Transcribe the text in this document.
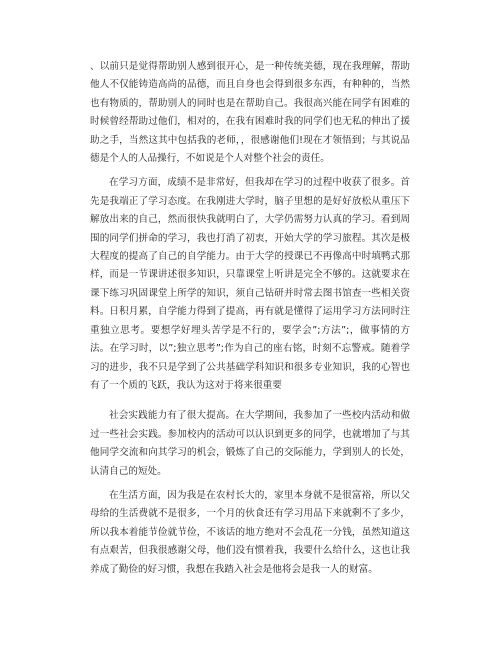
、以前只是觉得帮助别人感到很开心，是一种传统美德，现在我理解，帮助他人不仅能铸造高尚的品德，而且自身也会得到很多东西，有种种的，当然也有物质的，帮助别人的同时也是在帮助自己。我很高兴能在同学有困难的时候曾经帮助过他们，相对的，在我有困难时我的同学们也无私的伸出了援助之手，当然这其中包括我的老师，，很感谢他们!现在才领悟到；与其说品德是个人的人品操行，不如说是个人对整个社会的责任。

在学习方面，成绩不是非常好，但我却在学习的过程中收获了很多。首先是我端正了学习态度。在我刚进大学时，脑子里想的是好好放松从重压下解放出来的自己，然而很快我就明白了，大学仍需努力认真的学习。看到周围的同学们拼命的学习，我也打消了初衷，开始大学的学习旅程。其次是极大程度的提高了自己的自学能力。由于大学的授课已不再像高中时填鸭式那样，而是一节课讲述很多知识，只靠课堂上听讲是完全不够的。这就要求在课下练习巩固课堂上所学的知识，须自己钻研并时常去图书馆查一些相关资料。日积月累，自学能力得到了提高，再有就是懂得了运用学习方法同时注重独立思考。要想学好埋头苦学是不行的，要学会”;方法”;，做事情的方法。在学习时，以”;独立思考”;作为自己的座右铭，时刻不忘警戒。随着学习的进步，我不只是学到了公共基础学科知识和很多专业知识，我的心智也有了一个质的飞跃，我认为这对于将来很重要

社会实践能力有了很大提高。在大学期间，我参加了一些校内活动和做过一些社会实践。参加校内的活动可以认识到更多的同学，也就增加了与其他同学交流和向其学习的机会，锻炼了自己的交际能力，学到别人的长处，认清自己的短处。

在生活方面，因为我是在农村长大的，家里本身就不是很富裕，所以父母给的生活费就不是很多，一个月的伙食还有学习用品下来就剩不了多少，所以我本着能节俭就节俭，不该话的地方绝对不会乱花一分钱，虽然知道这有点艰苦，但我很感谢父母，他们没有惯着我，我要什么给什么，这也让我养成了勤俭的好习惯，我想在我踏入社会是他将会是我一人的财富。
